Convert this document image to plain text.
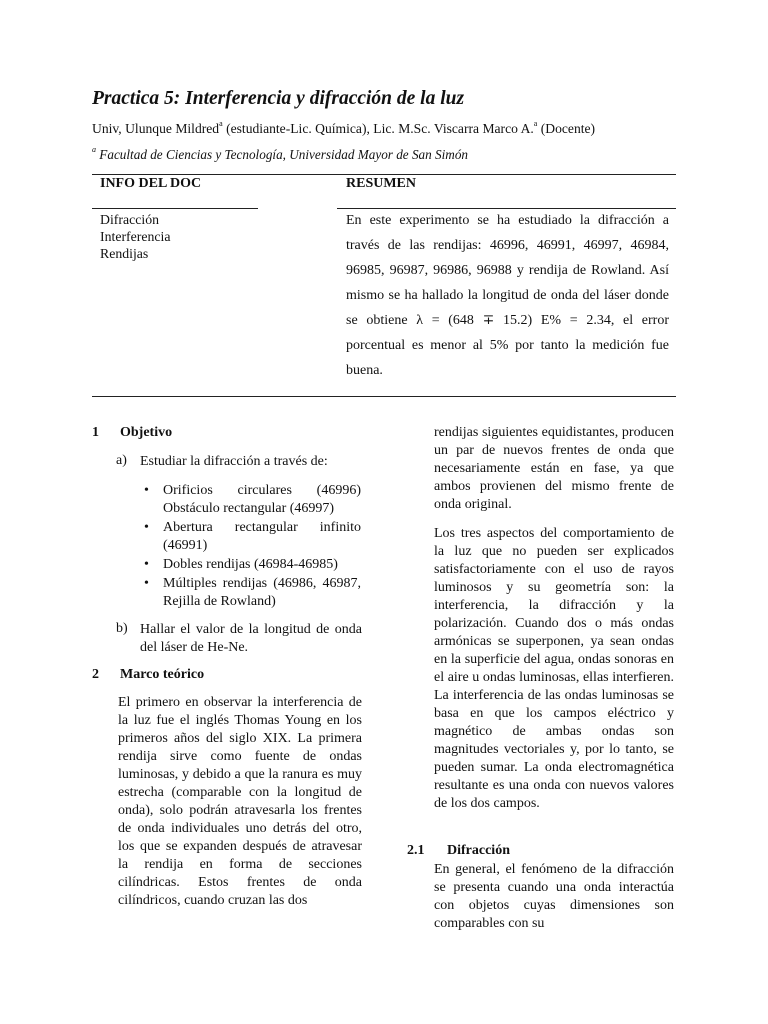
Practica 5: Interferencia y difracción de la luz
Univ, Ulunque Mildred$^a$ (estudiante-Lic. Química), Lic. M.Sc. Viscarra Marco A.$^a$ (Docente)
$^a$ Facultad de Ciencias y Tecnología, Universidad Mayor de San Simón
INFO DEL DOC	RESUMEN
Difracción
Interferencia
Rendijas
En este experimento se ha estudiado la difracción a través de las rendijas: 46996, 46991, 46997, 46984, 96985, 96987, 96986, 96988 y rendija de Rowland. Así mismo se ha hallado la longitud de onda del láser donde se obtiene λ = (648 ∓ 15.2) E% = 2.34, el error porcentual es menor al 5% por tanto la medición fue buena.
1 Objetivo
a) Estudiar la difracción a través de:
• Orificios circulares (46996) Obstáculo rectangular (46997)
• Abertura rectangular infinito (46991)
• Dobles rendijas (46984-46985)
• Múltiples rendijas (46986, 46987, Rejilla de Rowland)
b) Hallar el valor de la longitud de onda del láser de He-Ne.
2 Marco teórico
El primero en observar la interferencia de la luz fue el inglés Thomas Young en los primeros años del siglo XIX. La primera rendija sirve como fuente de ondas luminosas, y debido a que la ranura es muy estrecha (comparable con la longitud de onda), solo podrán atravesarla los frentes de onda individuales uno detrás del otro, los que se expanden después de atravesar la rendija en forma de secciones cilíndricas. Estos frentes de onda cilíndricos, cuando cruzan las dos
rendijas siguientes equidistantes, producen un par de nuevos frentes de onda que necesariamente están en fase, ya que ambos provienen del mismo frente de onda original.
Los tres aspectos del comportamiento de la luz que no pueden ser explicados satisfactoriamente con el uso de rayos luminosos y su geometría son: la interferencia, la difracción y la polarización. Cuando dos o más ondas armónicas se superponen, ya sean ondas en la superficie del agua, ondas sonoras en el aire u ondas luminosas, ellas interfieren. La interferencia de las ondas luminosas se basa en que los campos eléctrico y magnético de ambas ondas son magnitudes vectoriales y, por lo tanto, se pueden sumar. La onda electromagnética resultante es una onda con nuevos valores de los dos campos.
2.1 Difracción
En general, el fenómeno de la difracción se presenta cuando una onda interactúa con objetos cuyas dimensiones son comparables con su
